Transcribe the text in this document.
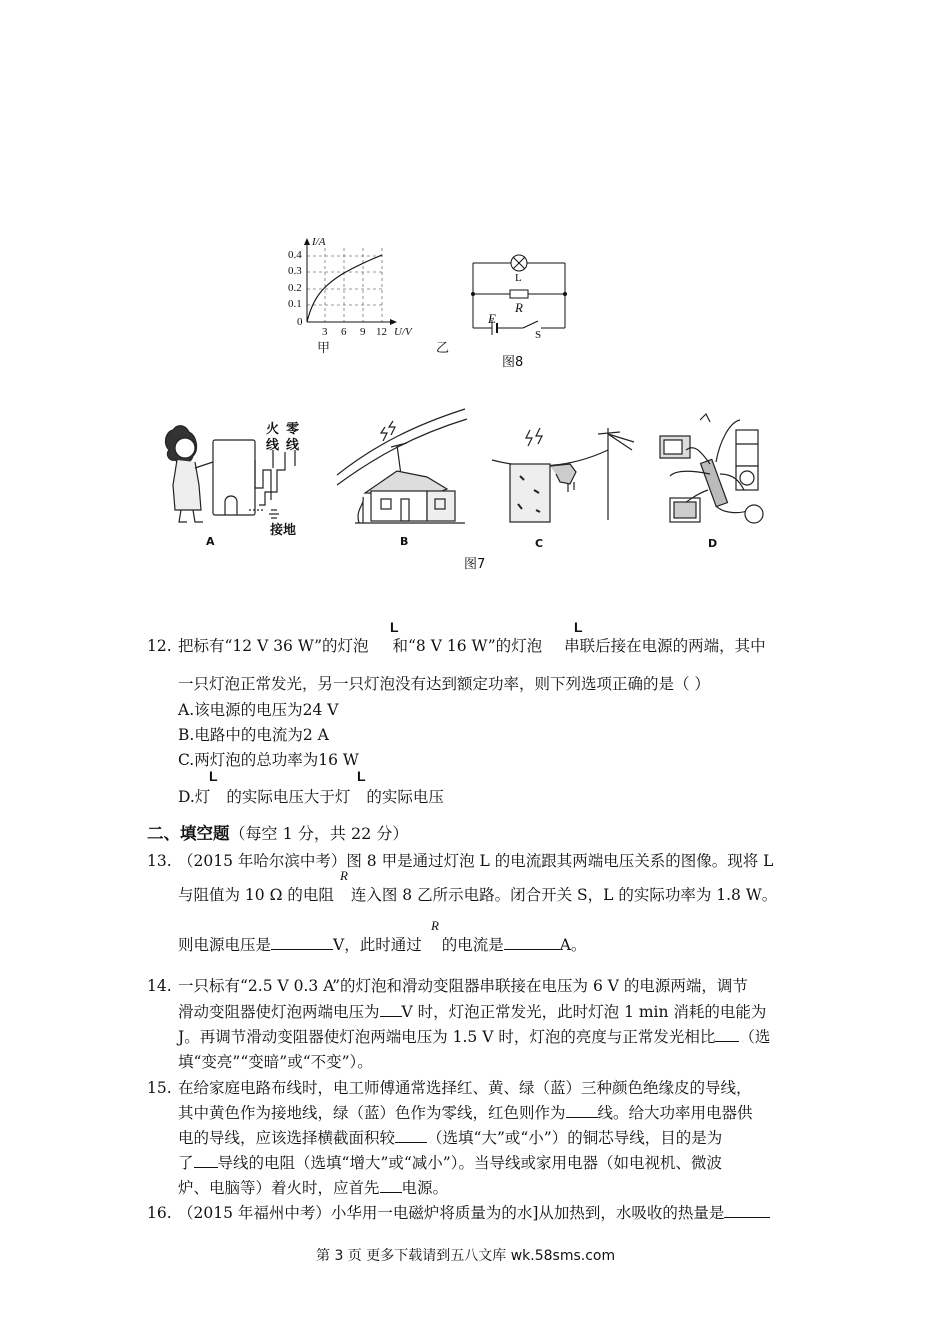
I/A
0.4
0.3
0.2
0.1
0
3 6 9 12 U/V
甲
L
R
E
S
乙
图8
火
线
零
线
接地
A	B	C	D
图7
12.
L	L
把标有“12 V 36 W”的灯泡 和“8 V 16 W”的灯泡 串联后接在电源的两端，其中
一只灯泡正常发光，另一只灯泡没有达到额定功率，则下列选项正确的是（ ）
A.该电源的电压为24 V
B.电路中的电流为2 A
C.两灯泡的总功率为16 W
L	L
D.灯 的实际电压大于灯 的实际电压
二、填空题（每空 1 分，共 22 分）
13. （2015 年哈尔滨中考）图 8 甲是通过灯泡 L 的电流跟其两端电压关系的图像。现将 L
R
与阻值为 10 Ω 的电阻 连入图 8 乙所示电路。闭合开关 S，L 的实际功率为 1.8 W。
R
则电源电压是	V，此时通过 的电流是	A。
14. 一只标有“2.5 V 0.3 A”的灯泡和滑动变阻器串联接在电压为 6 V 的电源两端，调节
滑动变阻器使灯泡两端电压为 V 时，灯泡正常发光，此时灯泡 1 min 消耗的电能为
J。再调节滑动变阻器使灯泡两端电压为 1.5 V 时，灯泡的亮度与正常发光相比 （选
填“变亮”“变暗”或“不变”）。
15. 在给家庭电路布线时，电工师傅通常选择红、黄、绿（蓝）三种颜色绝缘皮的导线，
其中黄色作为接地线，绿（蓝）色作为零线，红色则作为 线。给大功率用电器供
电的导线，应该选择横截面积较 （选填“大”或“小”）的铜芯导线，目的是为
了 导线的电阻（选填“增大”或“减小”）。当导线或家用电器（如电视机、微波
炉、电脑等）着火时，应首先 电源。
16. （2015 年福州中考）小华用一电磁炉将质量为的水]从加热到，水吸收的热量是
第 3 页 更多下载请到五八文库 wk.58sms.com
